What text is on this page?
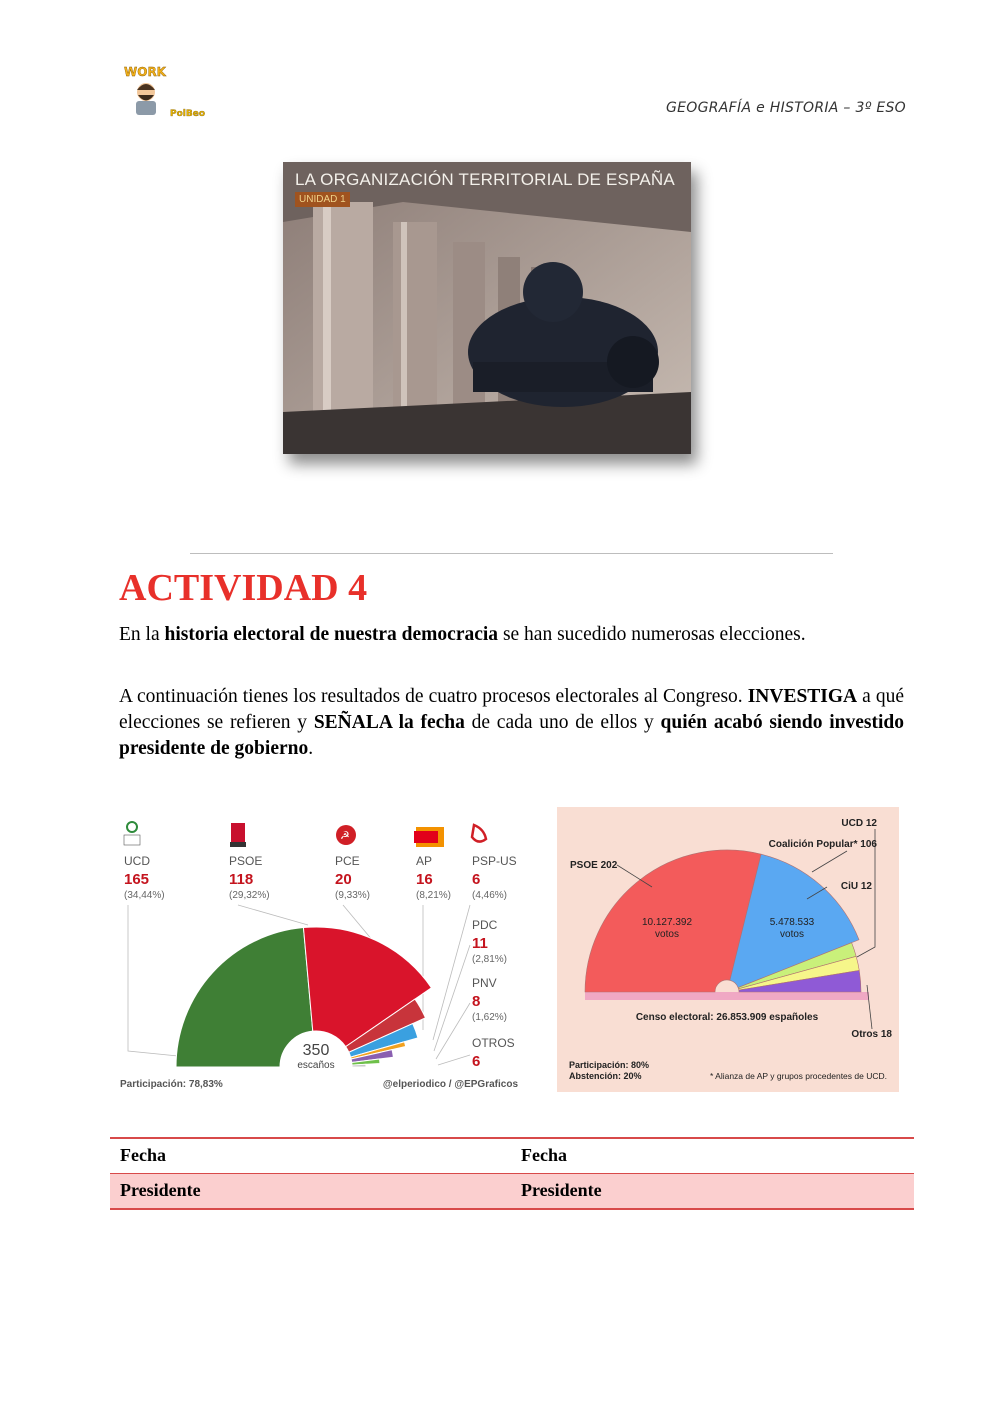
WORK
PolBeo	GEOGRAFÍA e HISTORIA – 3º ESO
LA ORGANIZACIÓN TERRITORIAL DE ESPAÑA
UNIDAD 1
ACTIVIDAD 4
En la historia electoral de nuestra democracia se han sucedido numerosas elecciones.
A continuación tienes los resultados de cuatro procesos electorales al Congreso. INVESTIGA a qué elecciones se refieren y SEÑALA la fecha de cada uno de ellos y quién acabó siendo investido presidente de gobierno.
☭
UCD
165
(34,44%)
PSOE
118
(29,32%)
PCE
20
(9,33%)
AP
16
(8,21%)
PSP-US
6
(4,46%)
PDC
11
(2,81%)
PNV
8
(1,62%)
OTROS
6
350
escaños
Participación: 78,83%	@elperiodico / @EPGraficos
PSOE 202
UCD 12
Coalición Popular* 106
CiU 12
Otros 18
10.127.392
votos
5.478.533
votos
Censo electoral: 26.853.909 españoles
Participación: 80%
Abstención: 20%	* Alianza de AP y grupos procedentes de UCD.
Fecha	Fecha
Presidente	Presidente
